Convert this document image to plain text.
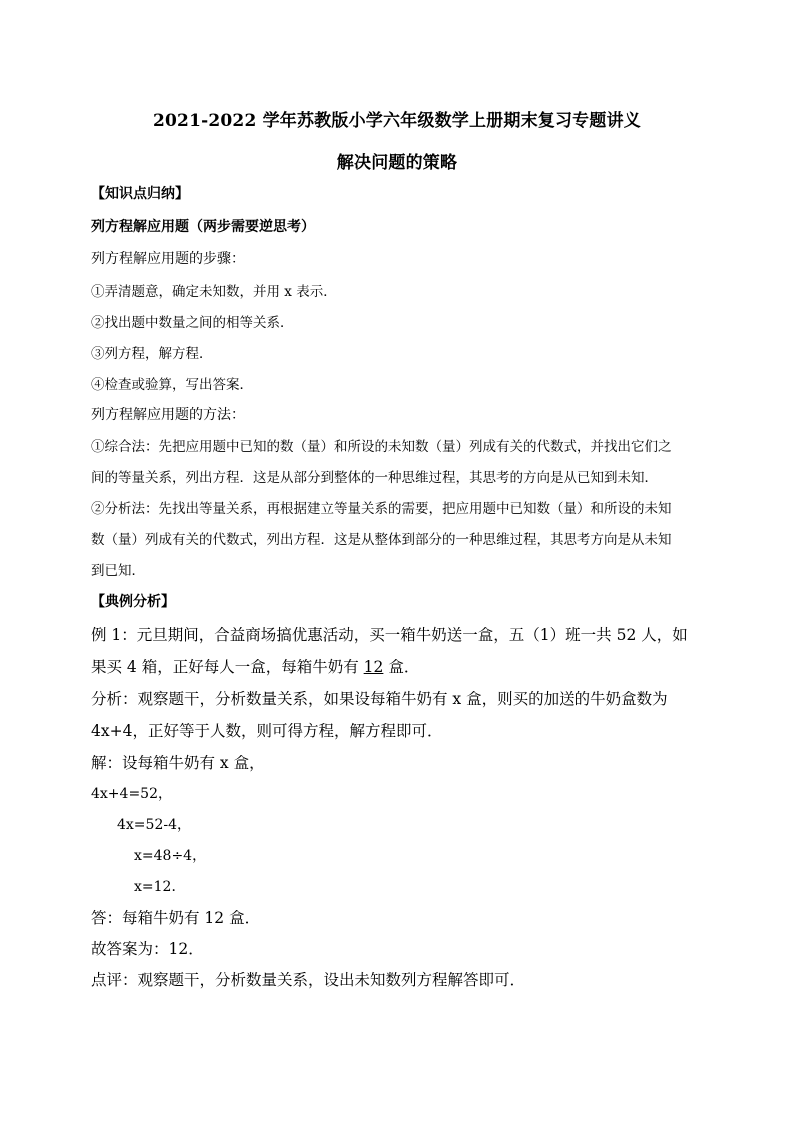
2021-2022 学年苏教版小学六年级数学上册期末复习专题讲义
解决问题的策略
【知识点归纳】
列方程解应用题（两步需要逆思考）
列方程解应用题的步骤：
①弄清题意，确定未知数，并用 x 表示．
②找出题中数量之间的相等关系．
③列方程，解方程．
④检查或验算，写出答案．
列方程解应用题的方法：
①综合法：先把应用题中已知的数（量）和所设的未知数（量）列成有关的代数式，并找出它们之
间的等量关系，列出方程．这是从部分到整体的一种思维过程，其思考的方向是从已知到未知．
②分析法：先找出等量关系，再根据建立等量关系的需要，把应用题中已知数（量）和所设的未知
数（量）列成有关的代数式，列出方程．这是从整体到部分的一种思维过程，其思考方向是从未知
到已知．
【典例分析】
例 1：元旦期间，合益商场搞优惠活动，买一箱牛奶送一盒，五（1）班一共 52 人，如
果买 4 箱，正好每人一盒，每箱牛奶有 12 盒．
分析：观察题干，分析数量关系，如果设每箱牛奶有 x 盒，则买的加送的牛奶盒数为
4x+4，正好等于人数，则可得方程，解方程即可．
解：设每箱牛奶有 x 盒，
4x+4=52，
4x=52-4，
x=48÷4，
x=12．
答：每箱牛奶有 12 盒．
故答案为：12．
点评：观察题干，分析数量关系，设出未知数列方程解答即可．
